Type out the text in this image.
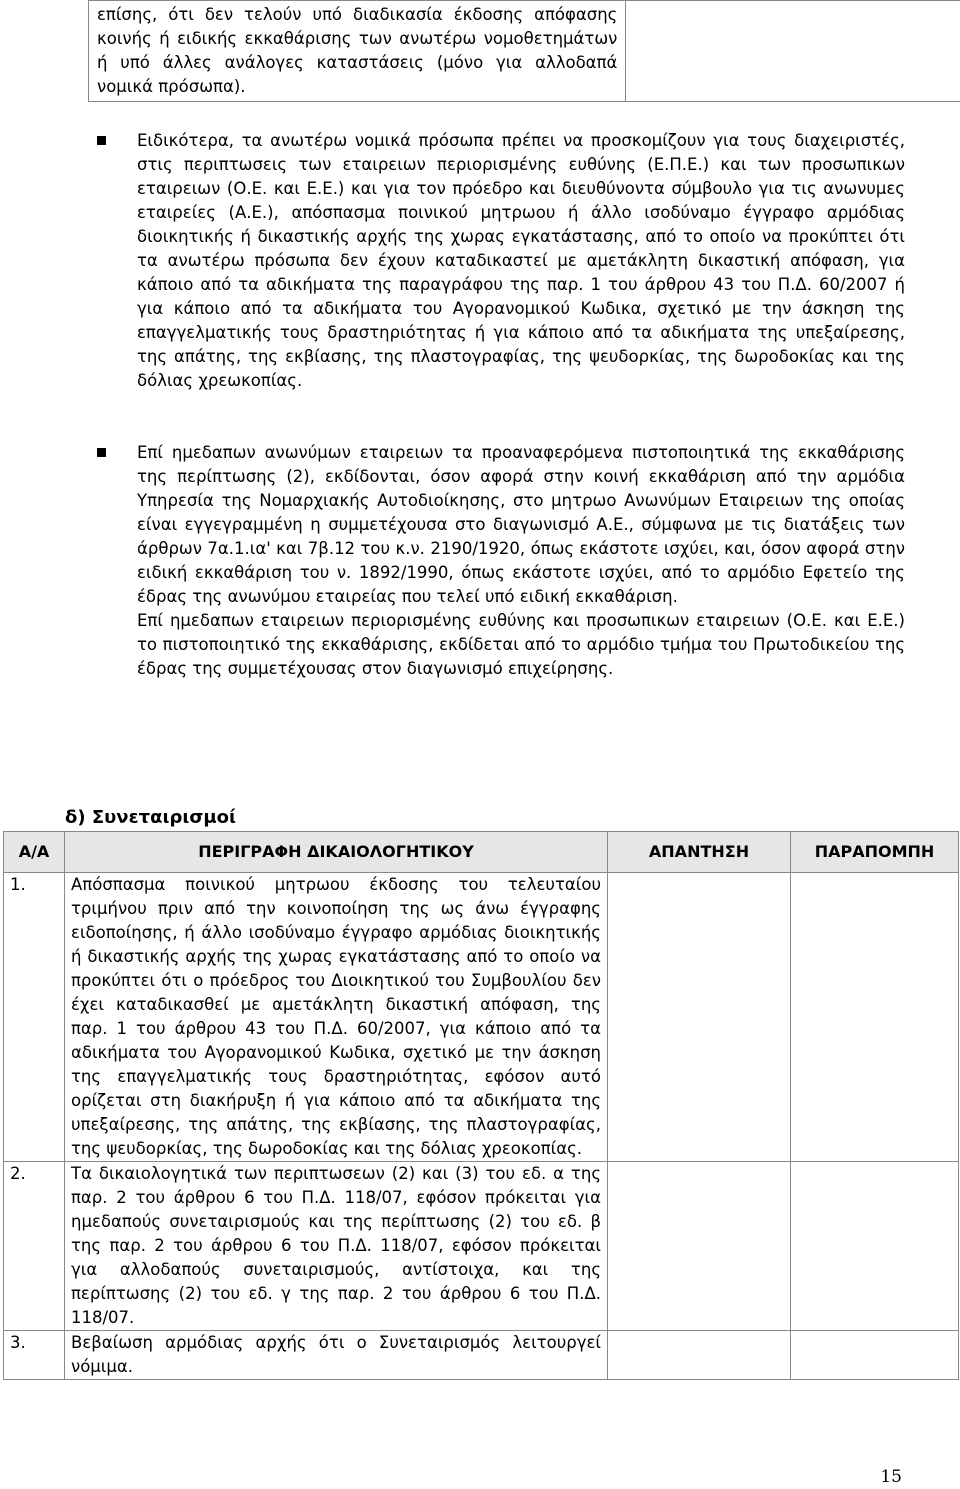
επίσης, ότι δεν τελούν υπό διαδικασία έκδοσης απόφασης κοινής ή ειδικής εκκαθάρισης των ανωτέρω νομοθετημάτων ή υπό άλλες ανάλογες καταστάσεις (μόνο για αλλοδαπά νομικά πρόσωπα).	
Ειδικότερα, τα ανωτέρω νομικά πρόσωπα πρέπει να προσκομίζουν για τους διαχειριστές, στις περιπτωσεις των εταιρειων περιορισμένης ευθύνης (Ε.Π.Ε.) και των προσωπικων εταιρειων (Ο.Ε. και Ε.Ε.) και για τον πρόεδρο και διευθύνοντα σύμβουλο για τις ανωνυμες εταιρείες (Α.Ε.), απόσπασμα ποινικού μητρωου ή άλλο ισοδύναμο έγγραφο αρμόδιας διοικητικής ή δικαστικής αρχής της χωρας εγκατάστασης, από το οποίο να προκύπτει ότι τα ανωτέρω πρόσωπα δεν έχουν καταδικαστεί με αμετάκλητη δικαστική απόφαση, για κάποιο από τα αδικήματα της παραγράφου της παρ. 1 του άρθρου 43 του Π.Δ. 60/2007 ή για κάποιο από τα αδικήματα του Αγορανομικού Κωδικα, σχετικό με την άσκηση της επαγγελματικής τους δραστηριότητας ή για κάποιο από τα αδικήματα της υπεξαίρεσης, της απάτης, της εκβίασης, της πλαστογραφίας, της ψευδορκίας, της δωροδοκίας και της δόλιας χρεωκοπίας.
Επί ημεδαπων ανωνύμων εταιρειων τα προαναφερόμενα πιστοποιητικά της εκκαθάρισης της περίπτωσης (2), εκδίδονται, όσον αφορά στην κοινή εκκαθάριση από την αρμόδια Υπηρεσία της Νομαρχιακής Αυτοδιοίκησης, στο μητρωο Ανωνύμων Εταιρειων της οποίας είναι εγγεγραμμένη η συμμετέχουσα στο διαγωνισμό Α.Ε., σύμφωνα με τις διατάξεις των άρθρων 7α.1.ια' και 7β.12 του κ.ν. 2190/1920, όπως εκάστοτε ισχύει, και, όσον αφορά στην ειδική εκκαθάριση του ν. 1892/1990, όπως εκάστοτε ισχύει, από το αρμόδιο Εφετείο της έδρας της ανωνύμου εταιρείας που τελεί υπό ειδική εκκαθάριση.
Επί ημεδαπων εταιρειων περιορισμένης ευθύνης και προσωπικων εταιρειων (Ο.Ε. και Ε.Ε.) το πιστοποιητικό της εκκαθάρισης, εκδίδεται από το αρμόδιο τμήμα του Πρωτοδικείου της έδρας της συμμετέχουσας στον διαγωνισμό επιχείρησης.
δ) Συνεταιρισμοί
Α/Α	ΠΕΡΙΓΡΑΦΗ ΔΙΚΑΙΟΛΟΓΗΤΙΚΟΥ	ΑΠΑΝΤΗΣΗ	ΠΑΡΑΠΟΜΠΗ
1.	Απόσπασμα ποινικού μητρωου έκδοσης του τελευταίου τριμήνου πριν από την κοινοποίηση της ως άνω έγγραφης ειδοποίησης, ή άλλο ισοδύναμο έγγραφο αρμόδιας διοικητικής ή δικαστικής αρχής της χωρας εγκατάστασης από το οποίο να προκύπτει ότι ο πρόεδρος του Διοικητικού του Συμβουλίου δεν έχει καταδικασθεί με αμετάκλητη δικαστική απόφαση, της παρ. 1 του άρθρου 43 του Π.Δ. 60/2007, για κάποιο από τα αδικήματα του Αγορανομικού Κωδικα, σχετικό με την άσκηση της επαγγελματικής τους δραστηριότητας, εφόσον αυτό ορίζεται στη διακήρυξη ή για κάποιο από τα αδικήματα της υπεξαίρεσης, της απάτης, της εκβίασης, της πλαστογραφίας, της ψευδορκίας, της δωροδοκίας και της δόλιας χρεοκοπίας.		
2.	Τα δικαιολογητικά των περιπτωσεων (2) και (3) του εδ. α της παρ. 2 του άρθρου 6 του Π.Δ. 118/07, εφόσον πρόκειται για ημεδαπούς συνεταιρισμούς και της περίπτωσης (2) του εδ. β της παρ. 2 του άρθρου 6 του Π.Δ. 118/07, εφόσον πρόκειται για αλλοδαπούς συνεταιρισμούς, αντίστοιχα, και της περίπτωσης (2) του εδ. γ της παρ. 2 του άρθρου 6 του Π.Δ. 118/07.		
3.	Βεβαίωση αρμόδιας αρχής ότι ο Συνεταιρισμός λειτουργεί νόμιμα.		
15
